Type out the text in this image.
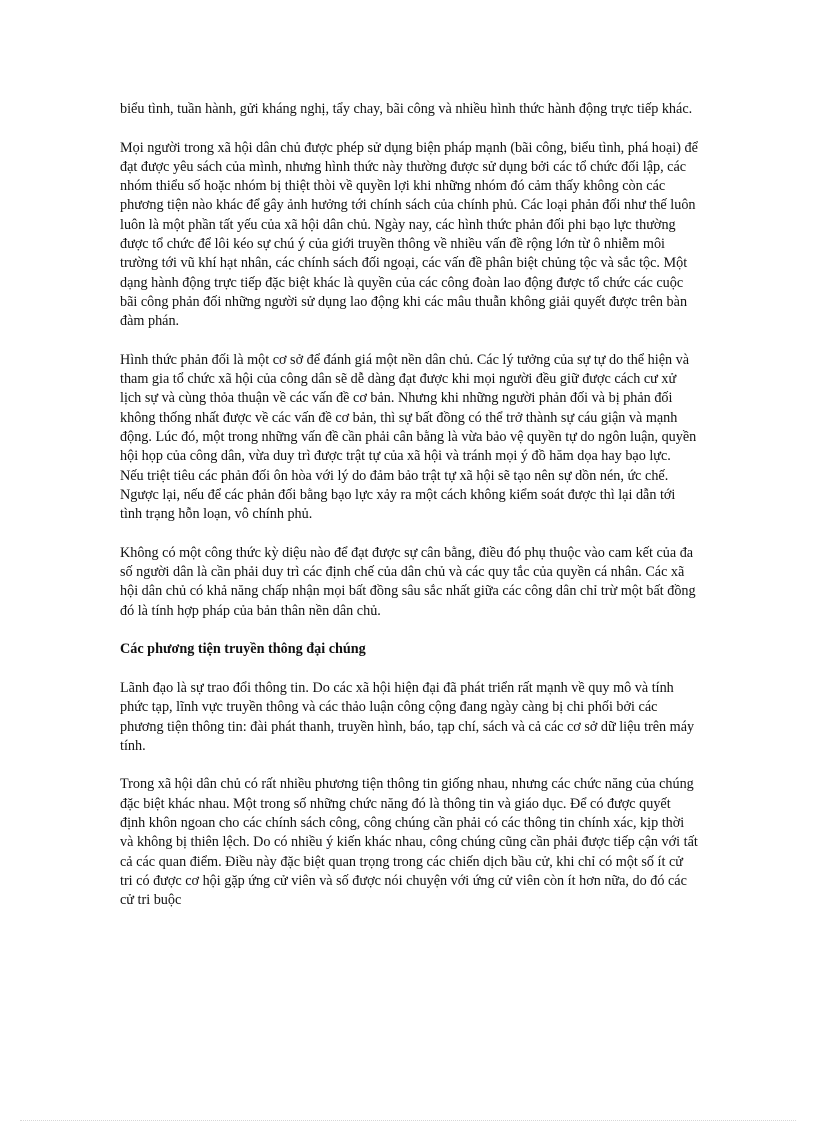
biểu tình, tuần hành, gửi kháng nghị, tẩy chay, bãi công và nhiều hình thức hành động trực tiếp khác.

Mọi người trong xã hội dân chủ được phép sử dụng biện pháp mạnh (bãi công, biểu tình, phá hoại) để đạt được yêu sách của mình, nhưng hình thức này thường được sử dụng bởi các tổ chức đối lập, các nhóm thiểu số hoặc nhóm bị thiệt thòi về quyền lợi khi những nhóm đó cảm thấy không còn các phương tiện nào khác để gây ảnh hưởng tới chính sách của chính phủ. Các loại phản đối như thế luôn luôn là một phần tất yếu của xã hội dân chủ. Ngày nay, các hình thức phản đối phi bạo lực thường được tổ chức để lôi kéo sự chú ý của giới truyền thông về nhiều vấn đề rộng lớn từ ô nhiễm môi trường tới vũ khí hạt nhân, các chính sách đối ngoại, các vấn đề phân biệt chủng tộc và sắc tộc. Một dạng hành động trực tiếp đặc biệt khác là quyền của các công đoàn lao động được tổ chức các cuộc bãi công phản đối những người sử dụng lao động khi các mâu thuẫn không giải quyết được trên bàn đàm phán.

Hình thức phản đối là một cơ sở để đánh giá một nền dân chủ. Các lý tưởng của sự tự do thể hiện và tham gia tổ chức xã hội của công dân sẽ dễ dàng đạt được khi mọi người đều giữ được cách cư xử lịch sự và cùng thỏa thuận về các vấn đề cơ bản. Nhưng khi những người phản đối và bị phản đối không thống nhất được về các vấn đề cơ bản, thì sự bất đồng có thể trở thành sự cáu giận và mạnh động. Lúc đó, một trong những vấn đề cần phải cân bằng là vừa bảo vệ quyền tự do ngôn luận, quyền hội họp của công dân, vừa duy trì được trật tự của xã hội và tránh mọi ý đồ hăm dọa hay bạo lực. Nếu triệt tiêu các phản đối ôn hòa với lý do đảm bảo trật tự xã hội sẽ tạo nên sự dồn nén, ức chế. Ngược lại, nếu để các phản đối bằng bạo lực xảy ra một cách không kiểm soát được thì lại dẫn tới tình trạng hỗn loạn, vô chính phủ.

Không có một công thức kỳ diệu nào để đạt được sự cân bằng, điều đó phụ thuộc vào cam kết của đa số người dân là cần phải duy trì các định chế của dân chủ và các quy tắc của quyền cá nhân. Các xã hội dân chủ có khả năng chấp nhận mọi bất đồng sâu sắc nhất giữa các công dân chỉ trừ một bất đồng đó là tính hợp pháp của bản thân nền dân chủ.

Các phương tiện truyền thông đại chúng

Lãnh đạo là sự trao đổi thông tin. Do các xã hội hiện đại đã phát triển rất mạnh về quy mô và tính phức tạp, lĩnh vực truyền thông và các thảo luận công cộng đang ngày càng bị chi phối bởi các phương tiện thông tin: đài phát thanh, truyền hình, báo, tạp chí, sách và cả các cơ sở dữ liệu trên máy tính.

Trong xã hội dân chủ có rất nhiều phương tiện thông tin giống nhau, nhưng các chức năng của chúng đặc biệt khác nhau. Một trong số những chức năng đó là thông tin và giáo dục. Để có được quyết định khôn ngoan cho các chính sách công, công chúng cần phải có các thông tin chính xác, kịp thời và không bị thiên lệch. Do có nhiều ý kiến khác nhau, công chúng cũng cần phải được tiếp cận với tất cả các quan điểm. Điều này đặc biệt quan trọng trong các chiến dịch bầu cử, khi chỉ có một số ít cử tri có được cơ hội gặp ứng cử viên và số được nói chuyện với ứng cử viên còn ít hơn nữa, do đó các cử tri buộc
